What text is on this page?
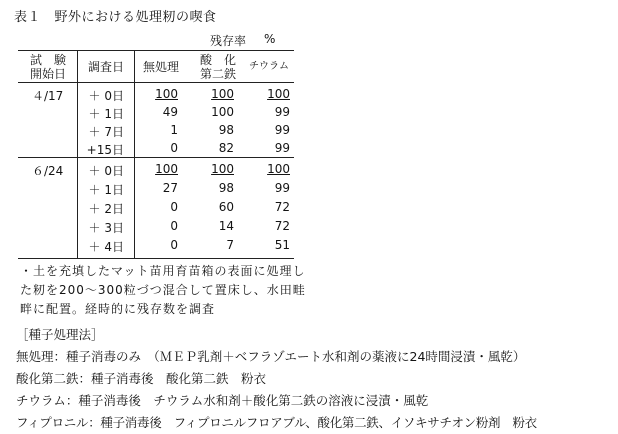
表１　野外における処理籾の喫食
残存率 %
試　験
開始日	調査日	無処理	酸　化
第二鉄
チウラム
４/17	＋ 0日	100	100	100
＋ 1日	49	100	99
＋ 7日	1	98	99
+15日	0	82	99
６/24	＋ 0日	100	100	100
＋ 1日	27	98	99
＋ 2日	0	60	72
＋ 3日	0	14	72
＋ 4日	0	7	51
・土を充填したマット苗用育苗箱の表面に処理し
た籾を200～300粒づつ混合して置床し、水田畦
畔に配置。経時的に残存数を調査
［種子処理法］
無処理：種子消毒のみ　（ＭＥＰ乳剤＋ベフラゾエート水和剤の薬液に24時間浸漬・風乾）
酸化第二鉄：種子消毒後　酸化第二鉄　粉衣
チウラム：種子消毒後　チウラム水和剤＋酸化第二鉄の溶液に浸漬・風乾
フィプロニル：種子消毒後　フィプロニルフロアブル、酸化第二鉄、イソキサチオン粉剤　粉衣
